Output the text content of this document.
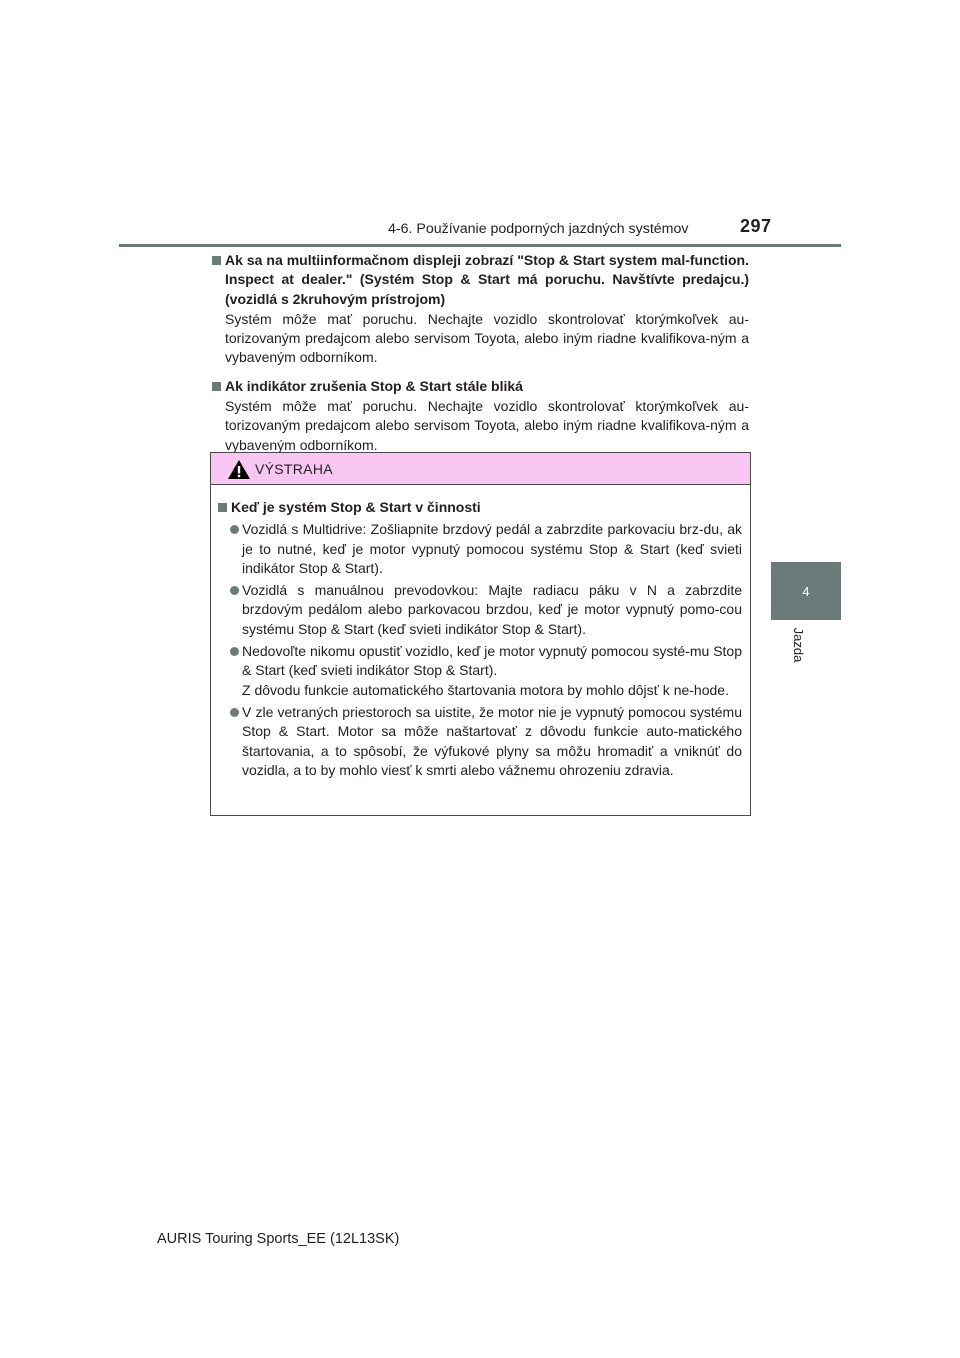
4-6. Používanie podporných jazdných systémov	297
4
Jazda
Ak sa na multiinformačnom displeji zobrazí "Stop & Start system mal-function. Inspect at dealer." (Systém Stop & Start má poruchu. Navštívte predajcu.) (vozidlá s 2kruhovým prístrojom)
Systém môže mať poruchu. Nechajte vozidlo skontrolovať ktorýmkoľvek au-torizovaným predajcom alebo servisom Toyota, alebo iným riadne kvalifikova-ným a vybaveným odborníkom.
Ak indikátor zrušenia Stop & Start stále bliká
Systém môže mať poruchu. Nechajte vozidlo skontrolovať ktorýmkoľvek au-torizovaným predajcom alebo servisom Toyota, alebo iným riadne kvalifikova-ným a vybaveným odborníkom.
VÝSTRAHA
Keď je systém Stop & Start v činnosti
Vozidlá s Multidrive: Zošliapnite brzdový pedál a zabrzdite parkovaciu brz-du, ak je to nutné, keď je motor vypnutý pomocou systému Stop & Start (keď svieti indikátor Stop & Start).
Vozidlá s manuálnou prevodovkou: Majte radiacu páku v N a zabrzdite brzdovým pedálom alebo parkovacou brzdou, keď je motor vypnutý pomo-cou systému Stop & Start (keď svieti indikátor Stop & Start).
Nedovoľte nikomu opustiť vozidlo, keď je motor vypnutý pomocou systé-mu Stop & Start (keď svieti indikátor Stop & Start).
Z dôvodu funkcie automatického štartovania motora by mohlo dôjsť k ne-hode.
V zle vetraných priestoroch sa uistite, že motor nie je vypnutý pomocou systému Stop & Start. Motor sa môže naštartovať z dôvodu funkcie auto-matického štartovania, a to spôsobí, že výfukové plyny sa môžu hromadiť a vniknúť do vozidla, a to by mohlo viesť k smrti alebo vážnemu ohrozeniu zdravia.
AURIS Touring Sports_EE (12L13SK)
